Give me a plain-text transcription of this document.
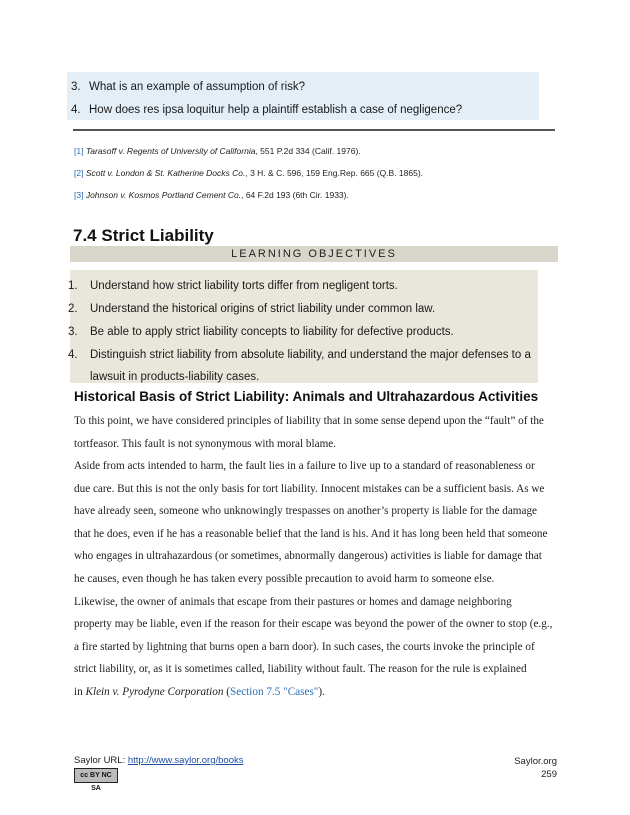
3. What is an example of assumption of risk?
4. How does res ipsa loquitur help a plaintiff establish a case of negligence?
[1] Tarasoff v. Regents of University of California, 551 P.2d 334 (Calif. 1976).
[2] Scott v. London & St. Katherine Docks Co., 3 H. & C. 596, 159 Eng.Rep. 665 (Q.B. 1865).
[3] Johnson v. Kosmos Portland Cement Co., 64 F.2d 193 (6th Cir. 1933).
7.4 Strict Liability
LEARNING OBJECTIVES
1.	Understand how strict liability torts differ from negligent torts.
2.	Understand the historical origins of strict liability under common law.
3.	Be able to apply strict liability concepts to liability for defective products.
4.	Distinguish strict liability from absolute liability, and understand the major defenses to a
lawsuit in products-liability cases.
Historical Basis of Strict Liability: Animals and Ultrahazardous Activities
To this point, we have considered principles of liability that in some sense depend upon the “fault” of the
tortfeasor. This fault is not synonymous with moral blame.
Aside from acts intended to harm, the fault lies in a failure to live up to a standard of reasonableness or
due care. But this is not the only basis for tort liability. Innocent mistakes can be a sufficient basis. As we
have already seen, someone who unknowingly trespasses on another’s property is liable for the damage
that he does, even if he has a reasonable belief that the land is his. And it has long been held that someone
who engages in ultrahazardous (or sometimes, abnormally dangerous) activities is liable for damage that
he causes, even though he has taken every possible precaution to avoid harm to someone else.
Likewise, the owner of animals that escape from their pastures or homes and damage neighboring
property may be liable, even if the reason for their escape was beyond the power of the owner to stop (e.g.,
a fire started by lightning that burns open a barn door). In such cases, the courts invoke the principle of
strict liability, or, as it is sometimes called, liability without fault. The reason for the rule is explained
in Klein v. Pyrodyne Corporation (Section 7.5 "Cases").
Saylor URL: http://www.saylor.org/books
cc BY NC SA
Saylor.org
259
